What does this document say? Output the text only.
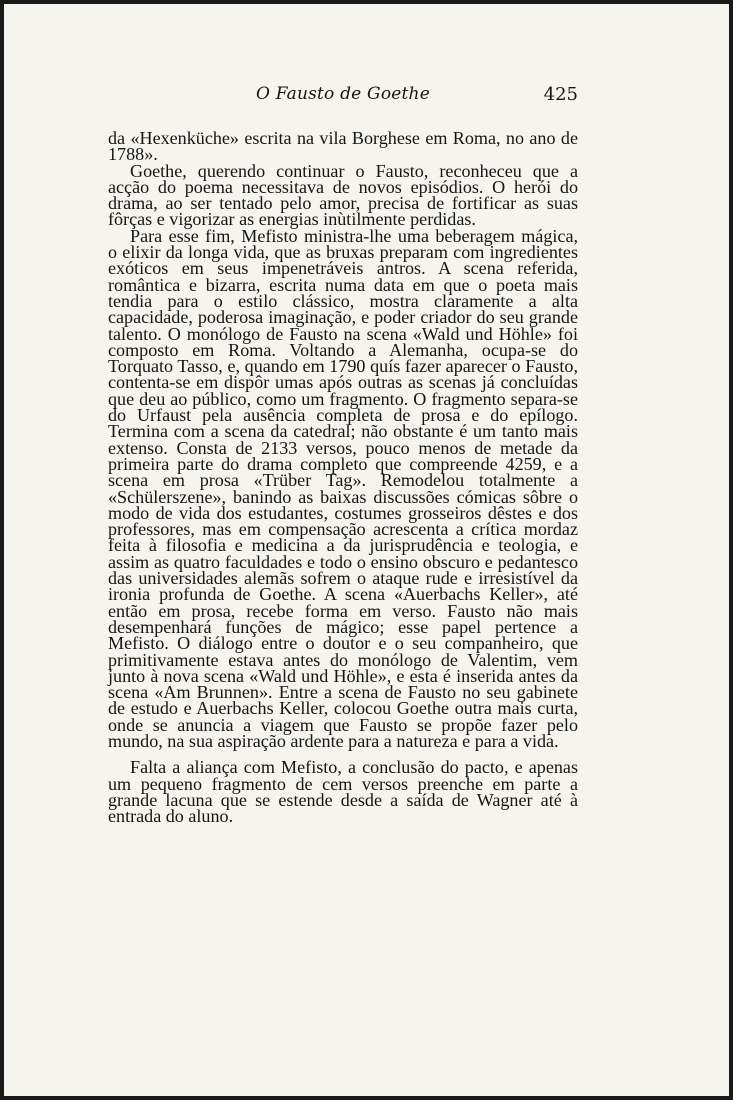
O Fausto de Goethe	425

da «Hexenküche» escrita na vila Borghese em Roma, no ano de 1788».

Goethe, querendo continuar o Fausto, reconheceu que a acção do poema necessitava de novos episódios. O herói do drama, ao ser tentado pelo amor, precisa de fortificar as suas fôrças e vigorizar as energias inùtilmente perdidas.

Para esse fim, Mefisto ministra-lhe uma beberagem mágica, o elixir da longa vida, que as bruxas preparam com ingredientes exóticos em seus impenetráveis antros. A scena referida, romântica e bizarra, escrita numa data em que o poeta mais tendia para o estilo clássico, mostra claramente a alta capacidade, poderosa imaginação, e poder criador do seu grande talento. O monólogo de Fausto na scena «Wald und Höhle» foi composto em Roma. Voltando a Alemanha, ocupa-se do Torquato Tasso, e, quando em 1790 quís fazer aparecer o Fausto, contenta-se em dispôr umas após outras as scenas já concluídas que deu ao público, como um fragmento. O fragmento separa-se do Urfaust pela ausência completa de prosa e do epílogo. Termina com a scena da catedral; não obstante é um tanto mais extenso. Consta de 2133 versos, pouco menos de metade da primeira parte do drama completo que compreende 4259, e a scena em prosa «Trüber Tag». Remodelou totalmente a «Schülerszene», banindo as baixas discussões cómicas sôbre o modo de vida dos estudantes, costumes grosseiros dêstes e dos professores, mas em compensação acrescenta a crítica mordaz feita à filosofia e medicina a da jurisprudência e teologia, e assim as quatro faculdades e todo o ensino obscuro e pedantesco das universidades alemãs sofrem o ataque rude e irresistível da ironia profunda de Goethe. A scena «Auerbachs Keller», até então em prosa, recebe forma em verso. Fausto não mais desempenhará funções de mágico; esse papel pertence a Mefisto. O diálogo entre o doutor e o seu companheiro, que primitivamente estava antes do monólogo de Valentim, vem junto à nova scena «Wald und Höhle», e esta é inserida antes da scena «Am Brunnen». Entre a scena de Fausto no seu gabinete de estudo e Auerbachs Keller, colocou Goethe outra mais curta, onde se anuncia a viagem que Fausto se propõe fazer pelo mundo, na sua aspiração ardente para a natureza e para a vida.

Falta a aliança com Mefisto, a conclusão do pacto, e apenas um pequeno fragmento de cem versos preenche em parte a grande lacuna que se estende desde a saída de Wagner até à entrada do aluno.
